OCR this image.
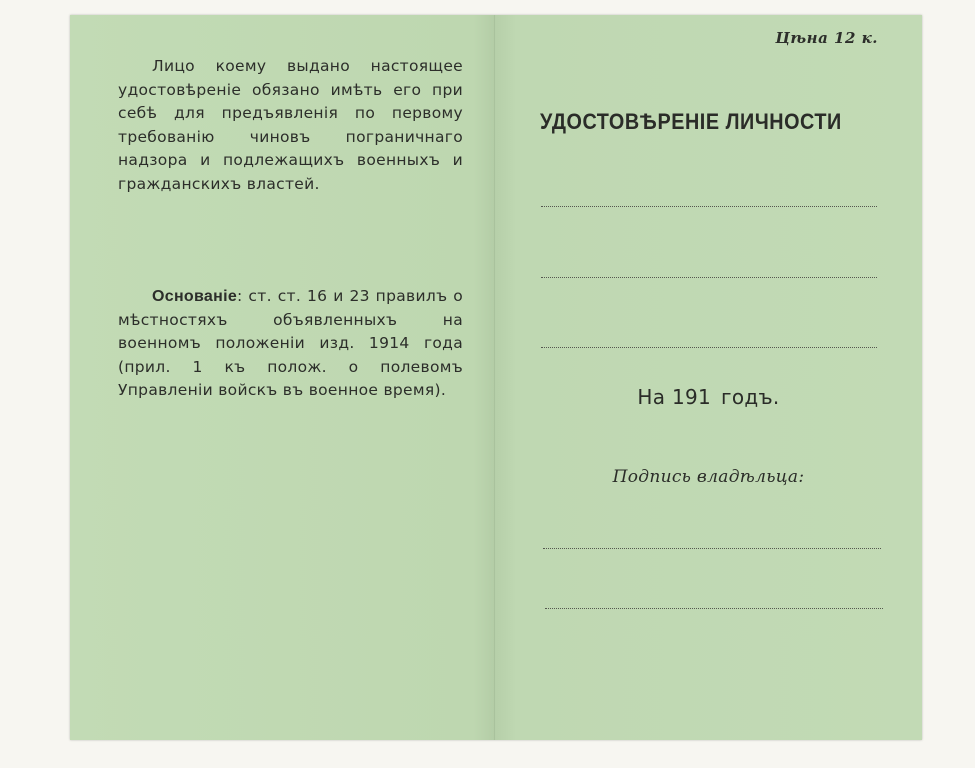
Лицо коему выдано настоящее удостовѣреніе обязано имѣть его при себѣ для предъявленія по первому требованію чиновъ пограничнаго надзора и подлежащихъ военныхъ и гражданскихъ властей.
Основаніе: ст. ст. 16 и 23 правилъ о мѣстностяхъ объявленныхъ на военномъ положеніи изд. 1914 года (прил. 1 къ полож. о полевомъ Управленіи войскъ въ военное время).
Цѣна 12 к.
УДОСТОВѢРЕНІЕ ЛИЧНОСТИ
На 191 годъ.
Подпись владѣльца:
